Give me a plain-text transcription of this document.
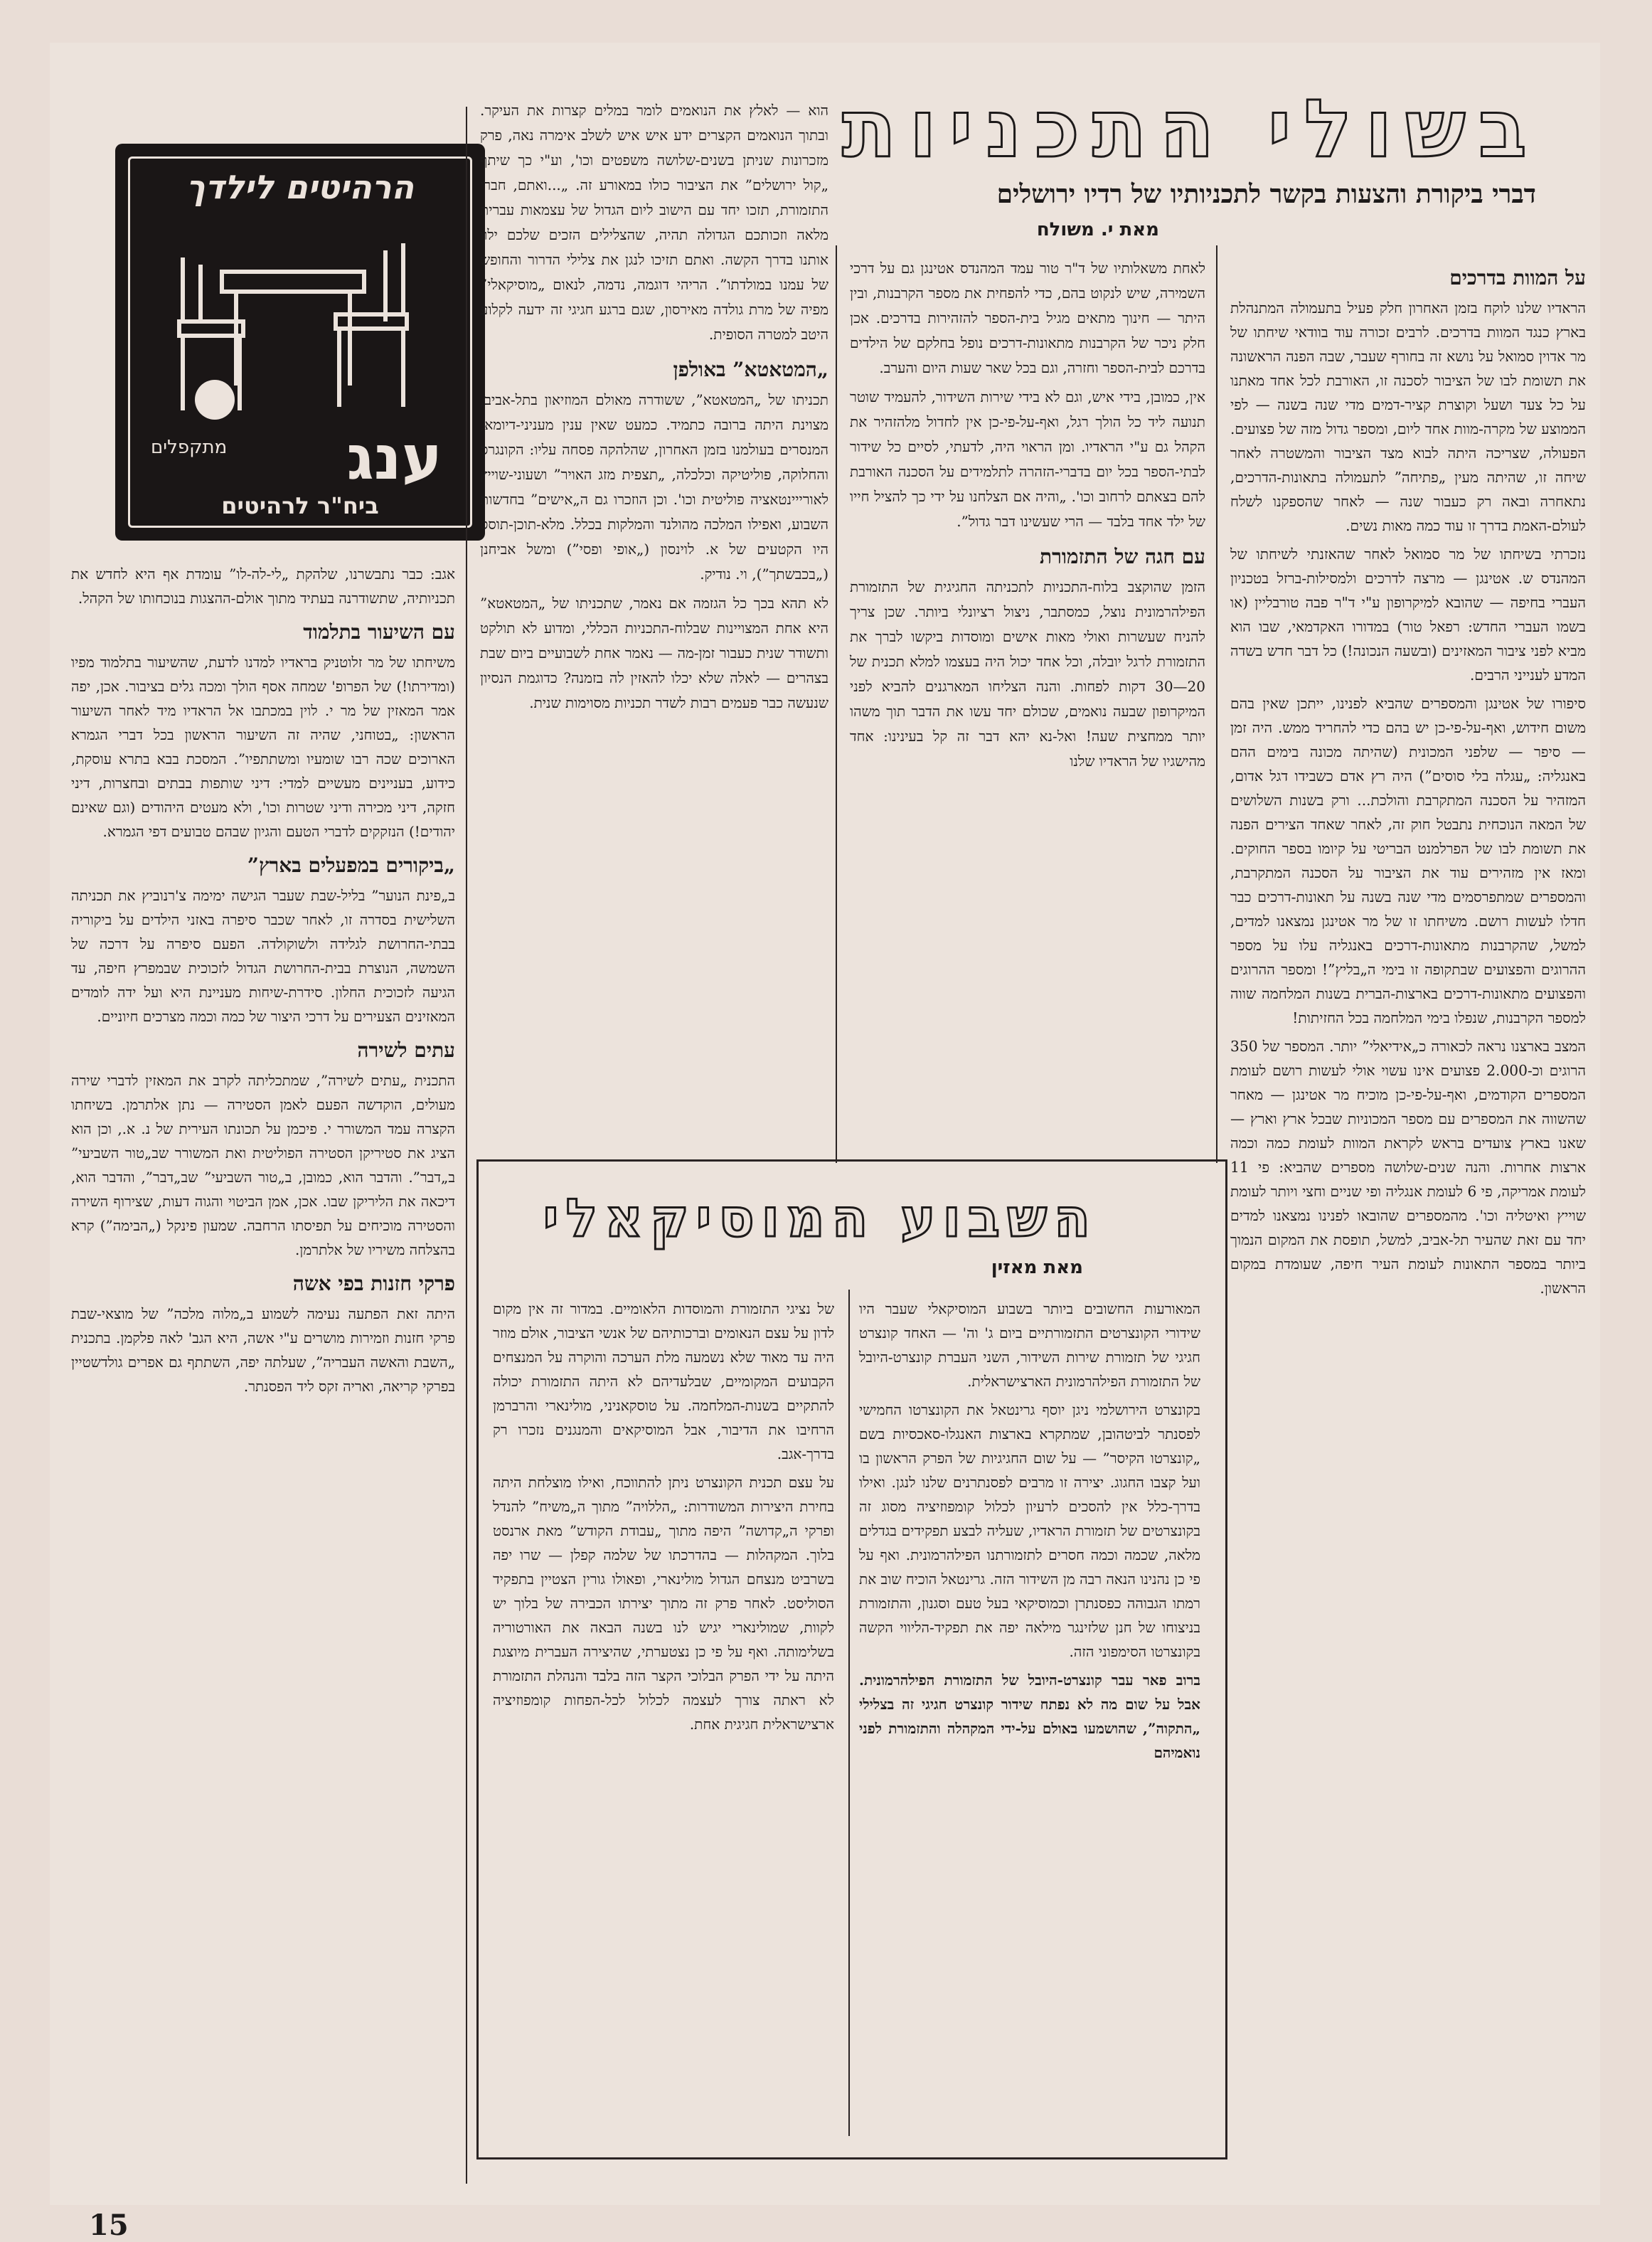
הרהיטים לילדך
מתקפלים ענג
ביח"ר לרהיטים
בשולי התכניות
דברי ביקורת והצעות בקשר לתכניותיו של רדיו ירושלים
מאת י. משולח
על המוות בדרכים

הראדיו שלנו לוקח בזמן האחרון חלק פעיל בתעמולה המתנהלת בארץ כנגד המוות בדרכים. לרבים זכורה עוד בוודאי שיחתו של מר אדוין סמואל על נושא זה בחורף שעבר, שבה הפנה הראשונה את תשומת לבו של הציבור לסכנה זו, האורבת לכל אחד מאתנו על כל צעד ושעל וקוצרת קציר-דמים מדי שנה בשנה — לפי הממוצע של מקרה-מוות אחד ליום, ומספר גדול מזה של פצועים. הפעולה, שצריכה היתה לבוא מצד הציבור והמשטרה לאחר שיחה זו, שהיתה מעין „פתיחה” לתעמולה בתאונות-הדרכים, נתאחרה ובאה רק כעבור שנה — לאחר שהספקנו לשלח לעולם-האמת בדרך זו עוד כמה מאות נשים.

נזכרתי בשיחתו של מר סמואל לאחר שהאזנתי לשיחתו של המהנדס ש. אטינגן — מרצה לדרכים ולמסילות-ברזל בטכניון העברי בחיפה — שהובא למיקרופון ע"י ד"ר פבה טורבליין (או בשמו העברי החדש: רפאל טור) במדורו האקדמאי, שבו הוא מביא לפני ציבור המאזינים (ובשעה הנכונה!) כל דבר חדש בשדה המדע לענייני הרבים.

סיפורו של אטינגן והמספרים שהביא לפנינו, ייתכן שאין בהם משום חידוש, ואף-על-פי-כן יש בהם כדי להחריד ממש. היה זמן — סיפר — שלפני המכונית (שהיתה מכונה בימים ההם באנגליה: „עגלה בלי סוסים”) היה רץ אדם כשבידו דגל אדום, המזהיר על הסכנה המתקרבת והולכת... ורק בשנות השלושים של המאה הנוכחית נתבטל חוק זה, לאחר שאחד הצירים הפנה את תשומת לבו של הפרלמנט הבריטי על קיומו בספר החוקים. ומאז אין מזהירים עוד את הציבור על הסכנה המתקרבת, והמספרים שמתפרסמים מדי שנה בשנה על תאונות-דרכים כבר חדלו לעשות רושם. משיחתו זו של מר אטינגן נמצאנו למדים, למשל, שהקרבנות מתאונות-דרכים באנגליה עלו על מספר ההרוגים והפצועים שבתקופה זו בימי ה„בליץ”! ומספר ההרוגים והפצועים מתאונות-דרכים בארצות-הברית בשנות המלחמה שווה למספר הקרבנות, שנפלו בימי המלחמה בכל החזיתות!

המצב בארצנו נראה לכאורה כ„אידיאלי” יותר. המספר של 350 הרוגים וכ-2.000 פצועים אינו עשוי אולי לעשות רושם לעומת המספרים הקודמים, ואף-על-פי-כן מוכיח מר אטינגן — מאחר שהשווה את המספרים עם מספר המכוניות שבכל ארץ וארץ — שאנו בארץ צועדים בראש לקראת המוות לעומת כמה וכמה ארצות אחרות. והנה שנים-שלושה מספרים שהביא: פי 11 לעומת אמריקה, פי 6 לעומת אנגליה ופי שניים וחצי ויותר לעומת שוייץ ואיטליה וכו'. מהמספרים שהובאו לפנינו נמצאנו למדים יחד עם זאת שהעיר תל-אביב, למשל, תופסת את המקום הנמוך ביותר במספר התאונות לעומת העיר חיפה, שעומדת במקום הראשון.

לאחת משאלותיו של ד"ר טור עמד המהנדס אטינגן גם על דרכי השמירה, שיש לנקוט בהם, כדי להפחית את מספר הקרבנות, ובין היתר — חינוך מתאים מגיל בית-הספר להזהירות בדרכים. אכן חלק ניכר של הקרבנות מתאונות-דרכים נופל בחלקם של הילדים בדרכם לבית-הספר וחזרה, וגם בכל שאר שעות היום והערב.

אין, כמובן, בידי איש, וגם לא בידי שירות השידור, להעמיד שוטר תנועה ליד כל הולך רגל, ואף-על-פי-כן אין לחדול מלהזהיר את הקהל גם ע"י הראדיו. ומן הראוי היה, לדעתי, לסיים כל שידור לבתי-הספר בכל יום בדברי-הזהרה לתלמידים על הסכנה האורבת להם בצאתם לרחוב וכו'. „והיה אם הצלחנו על ידי כך להציל חייו של ילד אחד בלבד — הרי שעשינו דבר גדול”.

עם חגה של התזמורת

הזמן שהוקצב בלוח-התכניות לתכניתה החגיגית של התזמורת הפילהרמונית נוצל, כמסתבר, ניצול רציונלי ביותר. שכן צריך להניח שעשרות ואולי מאות אישים ומוסדות ביקשו לברך את התזמורת לרגל יובלה, וכל אחד יכול היה בעצמו למלא תכנית של 20—30 דקות לפחות. והנה הצליחו המארגנים להביא לפני המיקרופון שבעה נואמים, שכולם יחד עשו את הדבר תוך משהו יותר ממחצית שעה! ואל-נא יהא דבר זה קל בעינינו: אחד מהישגיו של הראדיו שלנו

הוא — לאלץ את הנואמים לומר במלים קצרות את העיקר. ובתוך הנואמים הקצרים ידע איש איש לשלב אימרה נאה, פרק מזכרונות שניתן בשנים-שלושה משפטים וכו', וע"י כך שיתף „קול ירושלים” את הציבור כולו במאורע זה. „...ואתם, חברי התזמורת, תזכו יחד עם הישוב ליום הגדול של עצמאות עברית מלאה וזכותכם הגדולה תהיה, שהצלילים הזכים שלכם ילוו אותנו בדרך הקשה. ואתם תזיכו לנגן את צלילי הדרור והחופש של עמנו במולדתו”. הריהי דוגמה, נדמה, לנאום „מוסיקאלי” מפיה של מרת גולדה מאירסון, שגם ברגע חגיגי זה ידעה לקלוע היטב למטרה הסופית.

„המטאטא” באולפן

תכניתו של „המטאטא”, ששודרה מאולם המוזיאון בתל-אביב, מצוינת היתה ברובה כתמיד. כמעט שאין ענין מעניני-דיומא, המנסרים בעולמנו בזמן האחרון, שהלהקה פסחה עליו: הקונגרס והחלוקה, פוליטיקה וכלכלה, „תצפית מזג האויר” ושעוני-שוייץ לאורייינטאציה פוליטית וכו'. וכן הוזכרו גם ה„אישים” בחדשות השבוע, ואפילו המלכה מהולנד והמלקות בכלל. מלא-תוכן-תוסס היו הקטעים של א. לוינסון („אופי ופסי”) ומשל אביחנן („בכבשתך”), וי. נודיק.

לא תהא בכך כל הגזמה אם נאמר, שתכניתו של „המטאטא” היא אחת המצויינות שבלוח-התכניות הכללי, ומדוע לא תולקט ותשודר שנית כעבור זמן-מה — נאמר אחת לשבועיים ביום שבת בצהרים — לאלה שלא יכלו להאזין לה בזמנה? כדוגמת הנסיון שנעשה כבר פעמים רבות לשדר תכניות מסוימות שנית.

אגב: כבר נתבשרנו, שלהקת „לי-לה-לו” עומדת אף היא לחדש את תכניותיה, שתשודרנה בעתיד מתוך אולם-ההצגות בנוכחותו של הקהל.

עם השיעור בתלמוד

משיחתו של מר זלוטניק בראדיו למדנו לדעת, שהשיעור בתלמוד מפיו (ומדירתו!) של הפרופ' שמחה אסף הולך ומכה גלים בציבור. אכן, יפה אמר המאזין של מר י. לוין במכתבו אל הראדיו מיד לאחר השיעור הראשון: „בטוחני, שהיה זה השיעור הראשון בכל דברי הגמרא הארוכים שכה רבו שומעיו ומשתתפיו”. המסכת בבא בתרא עוסקת, כידוע, בעניינים מעשיים למדי: דיני שותפות בבתים ובחצרות, דיני חזקה, דיני מכירה ודיני שטרות וכו', ולא מעטים היהודים (וגם שאינם יהודים!) הנזקקים לדברי הטעם והגיון שבהם טבועים דפי הגמרא.

„ביקורים במפעלים בארץ”

ב„פינת הנוער” בליל-שבת שעבר הגישה ימימה צ'רנוביץ את תכניתה השלישית בסדרה זו, לאחר שכבר סיפרה באזני הילדים על ביקוריה בבתי-החרושת לגלידה ולשוקולדה. הפעם סיפרה על דרכה של השמשה, הנוצרת בבית-החרושת הגדול לזכוכית שבמפרץ חיפה, עד הגיעה לזכוכית החלון. סידרת-שיחות מעניינת היא ועל ידה לומדים המאזינים הצעירים על דרכי היצור של כמה וכמה מצרכים חיוניים.

עתים לשירה

התכנית „עתים לשירה”, שמתכליתה לקרב את המאזין לדברי שירה מעולים, הוקדשה הפעם לאמן הסטירה — נתן אלתרמן. בשיחתו הקצרה עמד המשורר י. פיכמן על תכונתו העירית של נ. א., וכן הוא הציג את סטיריקן הסטירה הפוליטית ואת המשורר שב„טור השביעי” ב„דבר”. והדבר הוא, כמובן, ב„טור השביעי” שב„דבר”, והדבר הוא, דיכאה את הליריקן שבו. אכן, אמן הביטוי והגוה דעות, שצירוף השירה והסטירה מוכיחים על תפיסתו הרחבה. שמעון פינקל („הבימה”) קרא בהצלחה משיריו של אלתרמן.

פרקי חזנות בפי אשה

היתה זאת הפתעה נעימה לשמוע ב„מלוה מלכה” של מוצאי-שבת פרקי חזנות וזמירות מושרים ע"י אשה, היא הגב' לאה פלקמן. בתכנית „השבת והאשה העבריה”, שעלתה יפה, השתתף גם אפרים גולדשטיין בפרקי קריאה, ואריה זקס ליד הפסנתר.

השבוע המוסיקאלי
מאת מאזין

המאורעות החשובים ביותר בשבוע המוסיקאלי שעבר היו שידורי הקונצרטים התזמורתיים ביום ג' וה' — האחד קונצרט חגיגי של תזמורת שירות השידור, השני העברת קונצרט-היובל של התזמורת הפילהרמונית הארצישראלית.

בקונצרט הירושלמי ניגן יוסף גרינטאל את הקונצרטו החמישי לפסנתר לביטהובן, שמתקרא בארצות האנגלו-סאכסיות בשם „קונצרטו הקיסר” — על שום החגיגיות של הפרק הראשון בו ועל קצבו החגוג. יצירה זו מרבים לפסנתרנים שלנו לנגן. ואילו בדרך-כלל אין להסכים לרעיון לכלול קומפוזיציה מסוג זה בקונצרטים של תזמורת הראדיו, שעליה לבצע תפקידים בגדלים מלאה, שכמה וכמה חסרים לתזמורתנו הפילהרמונית. ואף על פי כן נהנינו הנאה רבה מן השידור הזה. גרינטאל הוכיח שוב את רמתו הגבוהה כפסנתרן וכמוסיקאי בעל טעם וסגנון, והתזמורת בניצוחו של חנן שלזינגר מילאה יפה את תפקיד-הליווי הקשה בקונצרטו הסימפוני הזה.

ברוב פאר עבר קונצרט-היובל של התזמורת הפילהרמונית. אבל על שום מה לא נפתח שידור קונצרט חגיגי זה בצלילי „התקוה”, שהושמעו באולם על-ידי המקהלה והתזמורת לפני נואמיהם

של נציגי התזמורת והמוסדות הלאומיים. במדור זה אין מקום לדון על עצם הנאומים וברכותיהם של אנשי הציבור, אולם מוזר היה עד מאוד שלא נשמעה מלת הערכה והוקרה על המנצחים הקבועים המקומיים, שבלעדיהם לא היתה התזמורת יכולה להתקיים בשנות-המלחמה. על טוסקאניני, מולינארי והרברמן הרחיבו את הדיבור, אבל המוסיקאים והמנגנים נזכרו רק בדרך-אגב.

על עצם תכנית הקונצרט ניתן להתווכח, ואילו מוצלחת היתה בחירת היצירות המשודרות: „הללויה” מתוך ה„משיח” להנדל ופרקי ה„קדושה” היפה מתוך „עבודת הקודש” מאת ארנסט בלוך. המקהלות — בהדרכתו של שלמה קפלן — שרו יפה בשרביט מנצחם הגדול מולינארי, ופאולו גורין הצטיין בתפקיד הסוליסט. לאחר פרק זה מתוך יצירתו הכבירה של בלוך יש לקוות, שמולינארי יגיש לנו בשנה הבאה את האורטוריה בשלימותה. ואף על פי כן נצטערתי, שהיצירה העברית מיוצגת היתה על ידי הפרק הבלוכי הקצר הזה בלבד והנהלת התזמורת לא ראתה צורך לעצמה לכלול לכל-הפחות קומפוזיציה ארצישראלית חגיגית אחת.

15
